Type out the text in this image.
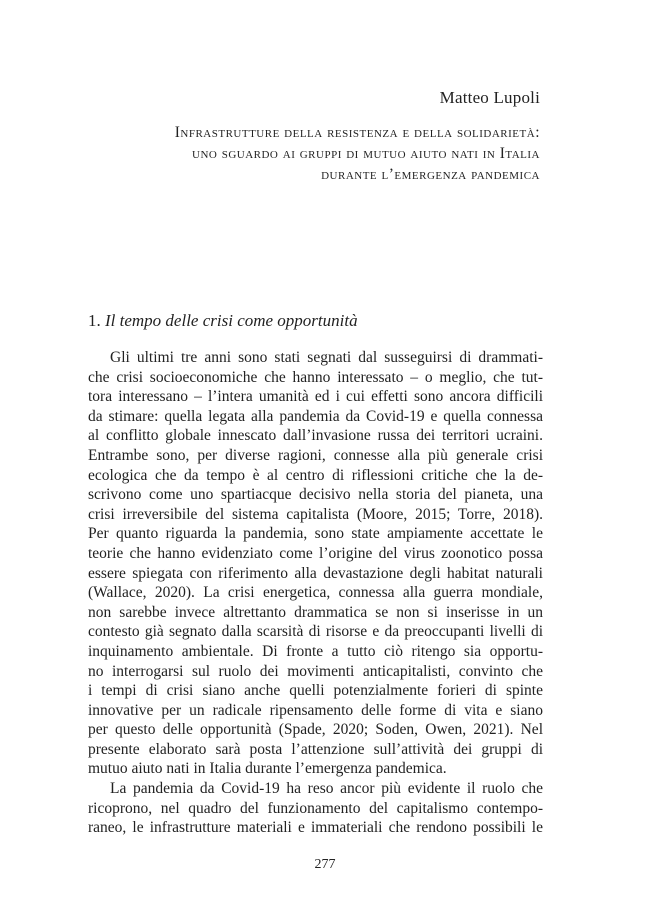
Matteo Lupoli
Infrastrutture della resistenza e della solidarietà:
uno sguardo ai gruppi di mutuo aiuto nati in Italia
durante l’emergenza pandemica
1. Il tempo delle crisi come opportunità
Gli ultimi tre anni sono stati segnati dal susseguirsi di drammati-
che crisi socioeconomiche che hanno interessato – o meglio, che tut-
tora interessano – l’intera umanità ed i cui effetti sono ancora difficili
da stimare: quella legata alla pandemia da Covid-19 e quella connessa
al conflitto globale innescato dall’invasione russa dei territori ucraini.
Entrambe sono, per diverse ragioni, connesse alla più generale crisi
ecologica che da tempo è al centro di riflessioni critiche che la de-
scrivono come uno spartiacque decisivo nella storia del pianeta, una
crisi irreversibile del sistema capitalista (Moore, 2015; Torre, 2018).
Per quanto riguarda la pandemia, sono state ampiamente accettate le
teorie che hanno evidenziato come l’origine del virus zoonotico possa
essere spiegata con riferimento alla devastazione degli habitat naturali
(Wallace, 2020). La crisi energetica, connessa alla guerra mondiale,
non sarebbe invece altrettanto drammatica se non si inserisse in un
contesto già segnato dalla scarsità di risorse e da preoccupanti livelli di
inquinamento ambientale. Di fronte a tutto ciò ritengo sia opportu-
no interrogarsi sul ruolo dei movimenti anticapitalisti, convinto che
i tempi di crisi siano anche quelli potenzialmente forieri di spinte
innovative per un radicale ripensamento delle forme di vita e siano
per questo delle opportunità (Spade, 2020; Soden, Owen, 2021). Nel
presente elaborato sarà posta l’attenzione sull’attività dei gruppi di
mutuo aiuto nati in Italia durante l’emergenza pandemica.
La pandemia da Covid-19 ha reso ancor più evidente il ruolo che
ricoprono, nel quadro del funzionamento del capitalismo contempo-
raneo, le infrastrutture materiali e immateriali che rendono possibili le
277
